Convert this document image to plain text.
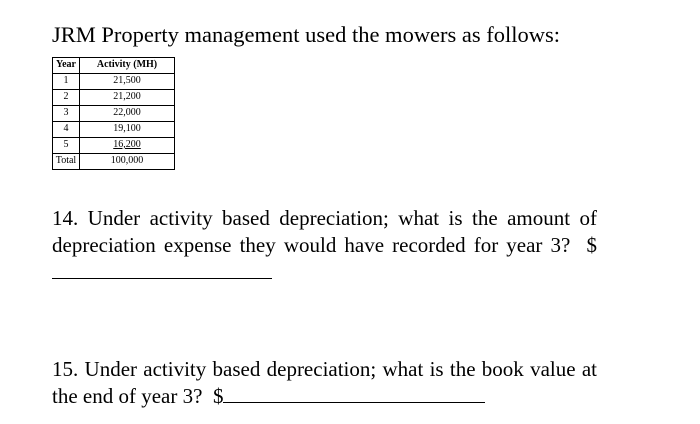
JRM Property management used the mowers as follows:
Year	Activity (MH)
1	21,500
2	21,200
3	22,000
4	19,100
5	16,200
Total	100,000
14. Under activity based depreciation; what is the amount of depreciation expense they would have recorded for year 3? $
15. Under activity based depreciation; what is the book value at the end of year 3? $
